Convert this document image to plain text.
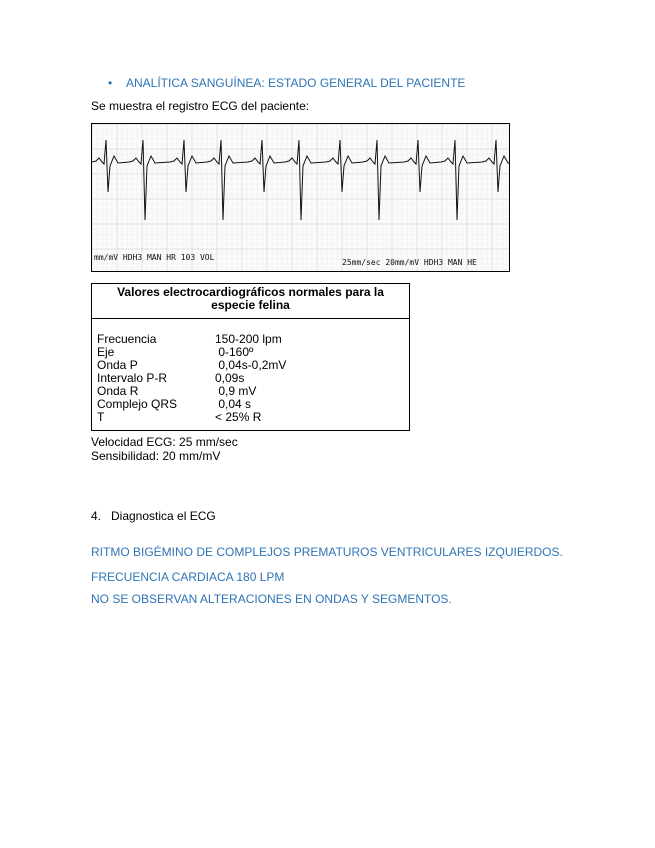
• ANALÍTICA SANGUÍNEA: ESTADO GENERAL DEL PACIENTE
Se muestra el registro ECG del paciente:
mm/mV HDH3 MAN HR 103 VOL
25mm/sec 20mm/mV HDH3 MAN HE
Valores electrocardiográficos normales para la especie felina

Frecuencia	150-200 lpm
Eje	0-160º
Onda P	0,04s-0,2mV
Intervalo P-R	0,09s
Onda R	0,9 mV
Complejo QRS	0,04 s
T	< 25% R
Velocidad ECG: 25 mm/sec
Sensibilidad: 20 mm/mV
4. Diagnostica el ECG
RITMO BIGÉMINO DE COMPLEJOS PREMATUROS VENTRICULARES IZQUIERDOS.
FRECUENCIA CARDIACA 180 LPM
NO SE OBSERVAN ALTERACIONES EN ONDAS Y SEGMENTOS.
